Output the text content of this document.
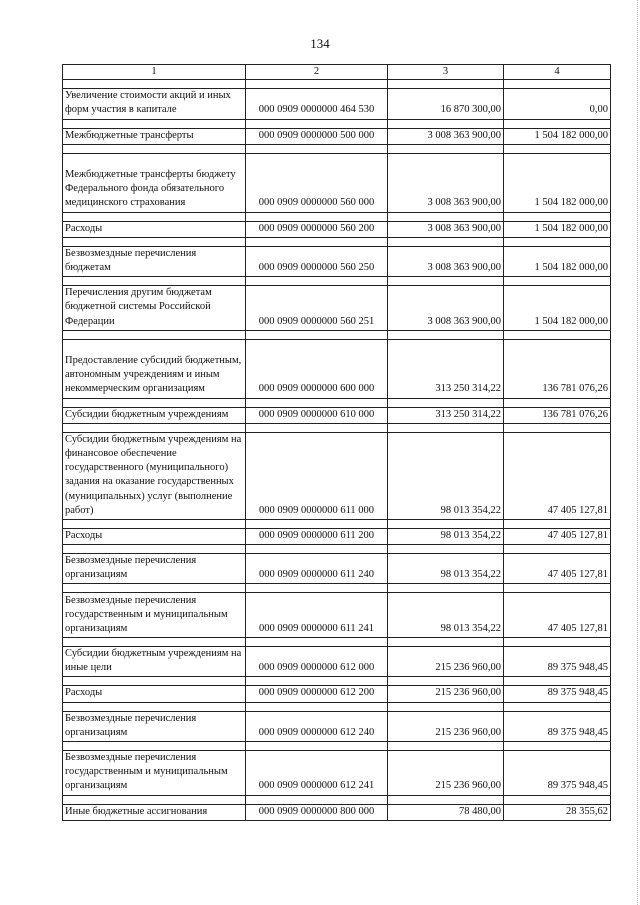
134
1	2	3	4

Увеличение стоимости акций и иных форм участия в капитале	000 0909 0000000 464 530	16 870 300,00	0,00

Межбюджетные трансферты	000 0909 0000000 500 000	3 008 363 900,00	1 504 182 000,00

Межбюджетные трансферты бюджету Федерального фонда обязательного медицинского страхования	000 0909 0000000 560 000	3 008 363 900,00	1 504 182 000,00

Расходы	000 0909 0000000 560 200	3 008 363 900,00	1 504 182 000,00

Безвозмездные перечисления бюджетам	000 0909 0000000 560 250	3 008 363 900,00	1 504 182 000,00

Перечисления другим бюджетам бюджетной системы Российской Федерации	000 0909 0000000 560 251	3 008 363 900,00	1 504 182 000,00

Предоставление субсидий бюджетным, автономным учреждениям и иным некоммерческим организациям	000 0909 0000000 600 000	313 250 314,22	136 781 076,26

Субсидии бюджетным учреждениям	000 0909 0000000 610 000	313 250 314,22	136 781 076,26

Субсидии бюджетным учреждениям на финансовое обеспечение государственного (муниципального) задания на оказание государственных (муниципальных) услуг (выполнение работ)	000 0909 0000000 611 000	98 013 354,22	47 405 127,81

Расходы	000 0909 0000000 611 200	98 013 354,22	47 405 127,81

Безвозмездные перечисления организациям	000 0909 0000000 611 240	98 013 354,22	47 405 127,81

Безвозмездные перечисления государственным и муниципальным организациям	000 0909 0000000 611 241	98 013 354,22	47 405 127,81

Субсидии бюджетным учреждениям на иные цели	000 0909 0000000 612 000	215 236 960,00	89 375 948,45

Расходы	000 0909 0000000 612 200	215 236 960,00	89 375 948,45

Безвозмездные перечисления организациям	000 0909 0000000 612 240	215 236 960,00	89 375 948,45

Безвозмездные перечисления государственным и муниципальным организациям	000 0909 0000000 612 241	215 236 960,00	89 375 948,45

Иные бюджетные ассигнования	000 0909 0000000 800 000	78 480,00	28 355,62
